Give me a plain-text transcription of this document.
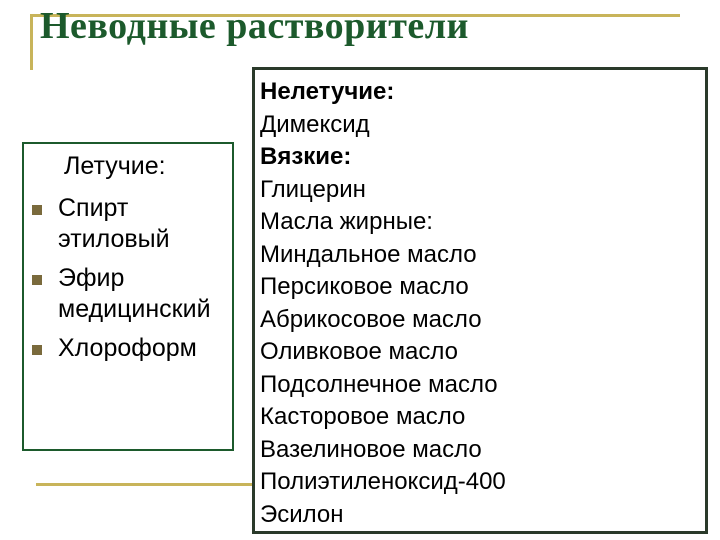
Неводные растворители
Летучие:
Спирт
этиловый
Эфир
медицинский
Хлороформ
Нелетучие:
Димексид
Вязкие:
Глицерин
Масла жирные:
Миндальное масло
Персиковое масло
Абрикосовое масло
Оливковое масло
Подсолнечное масло
Касторовое масло
Вазелиновое масло
Полиэтиленоксид-400
Эсилон
